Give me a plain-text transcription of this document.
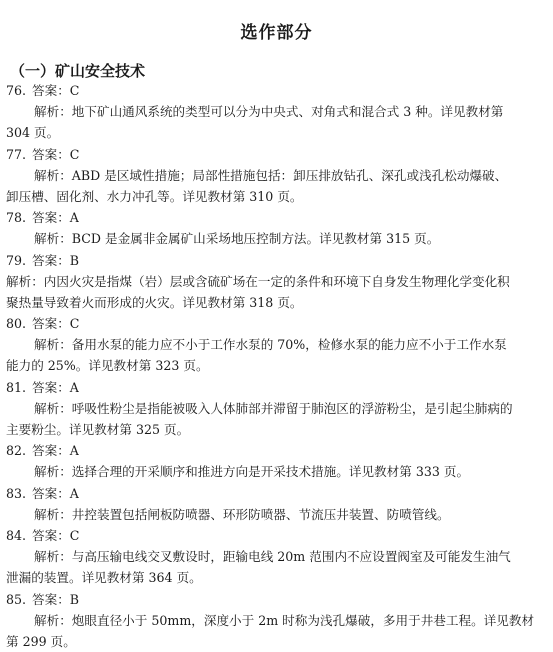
选作部分
（一）矿山安全技术
76. 答案：C
解析：地下矿山通风系统的类型可以分为中央式、对角式和混合式 3 种。详见教材第
304 页。
77. 答案：C
解析：ABD 是区域性措施；局部性措施包括：卸压排放钻孔、深孔或浅孔松动爆破、
卸压槽、固化剂、水力冲孔等。详见教材第 310 页。
78. 答案：A
解析：BCD 是金属非金属矿山采场地压控制方法。详见教材第 315 页。
79. 答案：B
解析：内因火灾是指煤（岩）层或含硫矿场在一定的条件和环境下自身发生物理化学变化积
聚热量导致着火而形成的火灾。详见教材第 318 页。
80. 答案：C
解析：备用水泵的能力应不小于工作水泵的 70%，检修水泵的能力应不小于工作水泵
能力的 25%。详见教材第 323 页。
81. 答案：A
解析：呼吸性粉尘是指能被吸入人体肺部并滞留于肺泡区的浮游粉尘，是引起尘肺病的
主要粉尘。详见教材第 325 页。
82. 答案：A
解析：选择合理的开采顺序和推进方向是开采技术措施。详见教材第 333 页。
83. 答案：A
解析：井控装置包括闸板防喷器、环形防喷器、节流压井装置、防喷管线。
84. 答案：C
解析：与高压输电线交叉敷设时，距输电线 20m 范围内不应设置阀室及可能发生油气
泄漏的装置。详见教材第 364 页。
85. 答案：B
解析：炮眼直径小于 50mm，深度小于 2m 时称为浅孔爆破，多用于井巷工程。详见教材
第 299 页。
